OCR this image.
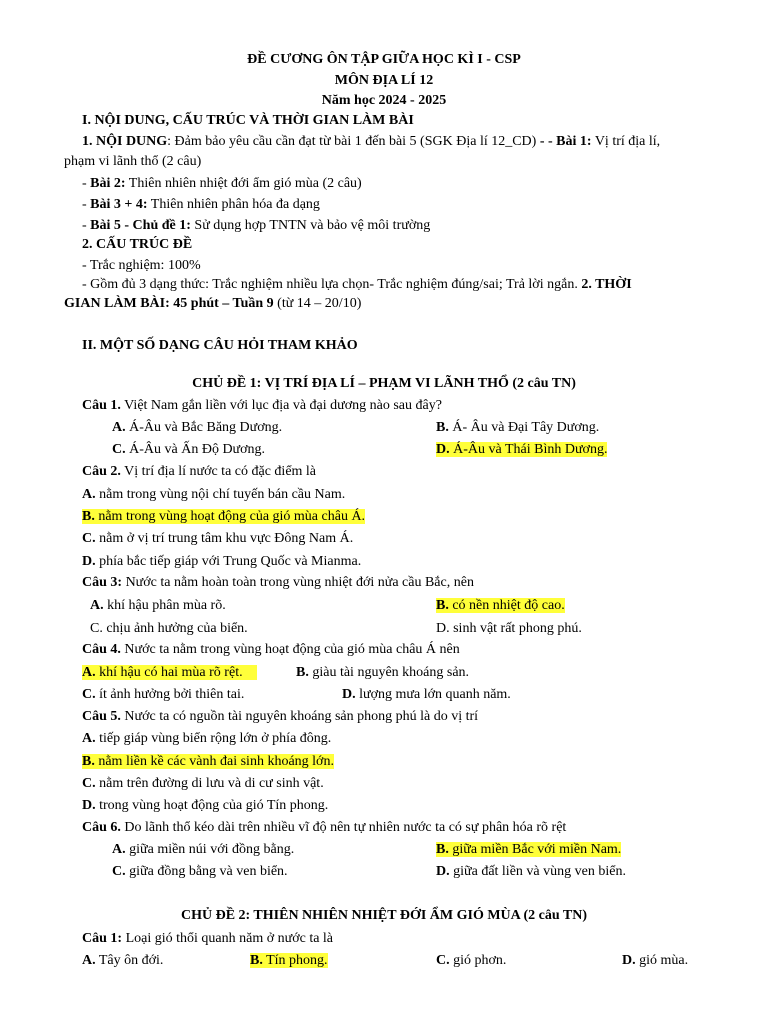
ĐỀ CƯƠNG ÔN TẬP GIỮA HỌC KÌ I - CSP
MÔN ĐỊA LÍ 12
Năm học 2024 - 2025
I. NỘI DUNG, CẤU TRÚC VÀ THỜI GIAN LÀM BÀI
1. NỘI DUNG: Đảm bảo yêu cầu cần đạt từ bài 1 đến bài 5 (SGK Địa lí 12_CD) - - Bài 1: Vị trí địa lí,
phạm vi lãnh thổ (2 câu)
- Bài 2: Thiên nhiên nhiệt đới ẩm gió mùa (2 câu)
- Bài 3 + 4: Thiên nhiên phân hóa đa dạng
- Bài 5 - Chủ đề 1: Sử dụng hợp TNTN và bảo vệ môi trường
2. CẤU TRÚC ĐỀ
- Trắc nghiệm: 100%
- Gồm đủ 3 dạng thức: Trắc nghiệm nhiều lựa chọn- Trắc nghiệm đúng/sai; Trả lời ngắn. 2. THỜI
GIAN LÀM BÀI: 45 phút – Tuần 9 (từ 14 – 20/10)
II. MỘT SỐ DẠNG CÂU HỎI THAM KHẢO
CHỦ ĐỀ 1: VỊ TRÍ ĐỊA LÍ – PHẠM VI LÃNH THỔ (2 câu TN)
Câu 1. Việt Nam gắn liền với lục địa và đại dương nào sau đây?
A. Á-Âu và Bắc Băng Dương.	B. Á- Âu và Đại Tây Dương.
C. Á-Âu và Ấn Độ Dương.	D. Á-Âu và Thái Bình Dương.
Câu 2. Vị trí địa lí nước ta có đặc điểm là
A. nằm trong vùng nội chí tuyến bán cầu Nam.
B. nằm trong vùng hoạt động của gió mùa châu Á.
C. nằm ở vị trí trung tâm khu vực Đông Nam Á.
D. phía bắc tiếp giáp với Trung Quốc và Mianma.
Câu 3: Nước ta nằm hoàn toàn trong vùng nhiệt đới nửa cầu Bắc, nên
A. khí hậu phân mùa rõ.	B. có nền nhiệt độ cao.
C. chịu ảnh hưởng của biển.	D. sinh vật rất phong phú.
Câu 4. Nước ta nằm trong vùng hoạt động của gió mùa châu Á nên
A. khí hậu có hai mùa rõ rệt.	B. giàu tài nguyên khoáng sản.
C. ít ảnh hưởng bởi thiên tai.	D. lượng mưa lớn quanh năm.
Câu 5. Nước ta có nguồn tài nguyên khoáng sản phong phú là do vị trí
A. tiếp giáp vùng biển rộng lớn ở phía đông.
B. nằm liền kề các vành đai sinh khoáng lớn.
C. nằm trên đường di lưu và di cư sinh vật.
D. trong vùng hoạt động của gió Tín phong.
Câu 6. Do lãnh thổ kéo dài trên nhiều vĩ độ nên tự nhiên nước ta có sự phân hóa rõ rệt
A. giữa miền núi với đồng bằng.	B. giữa miền Bắc với miền Nam.
C. giữa đồng bằng và ven biển.	D. giữa đất liền và vùng ven biển.
CHỦ ĐỀ 2: THIÊN NHIÊN NHIỆT ĐỚI ẨM GIÓ MÙA (2 câu TN)
Câu 1: Loại gió thổi quanh năm ở nước ta là
A. Tây ôn đới.	B. Tín phong.	C. gió phơn.	D. gió mùa.
